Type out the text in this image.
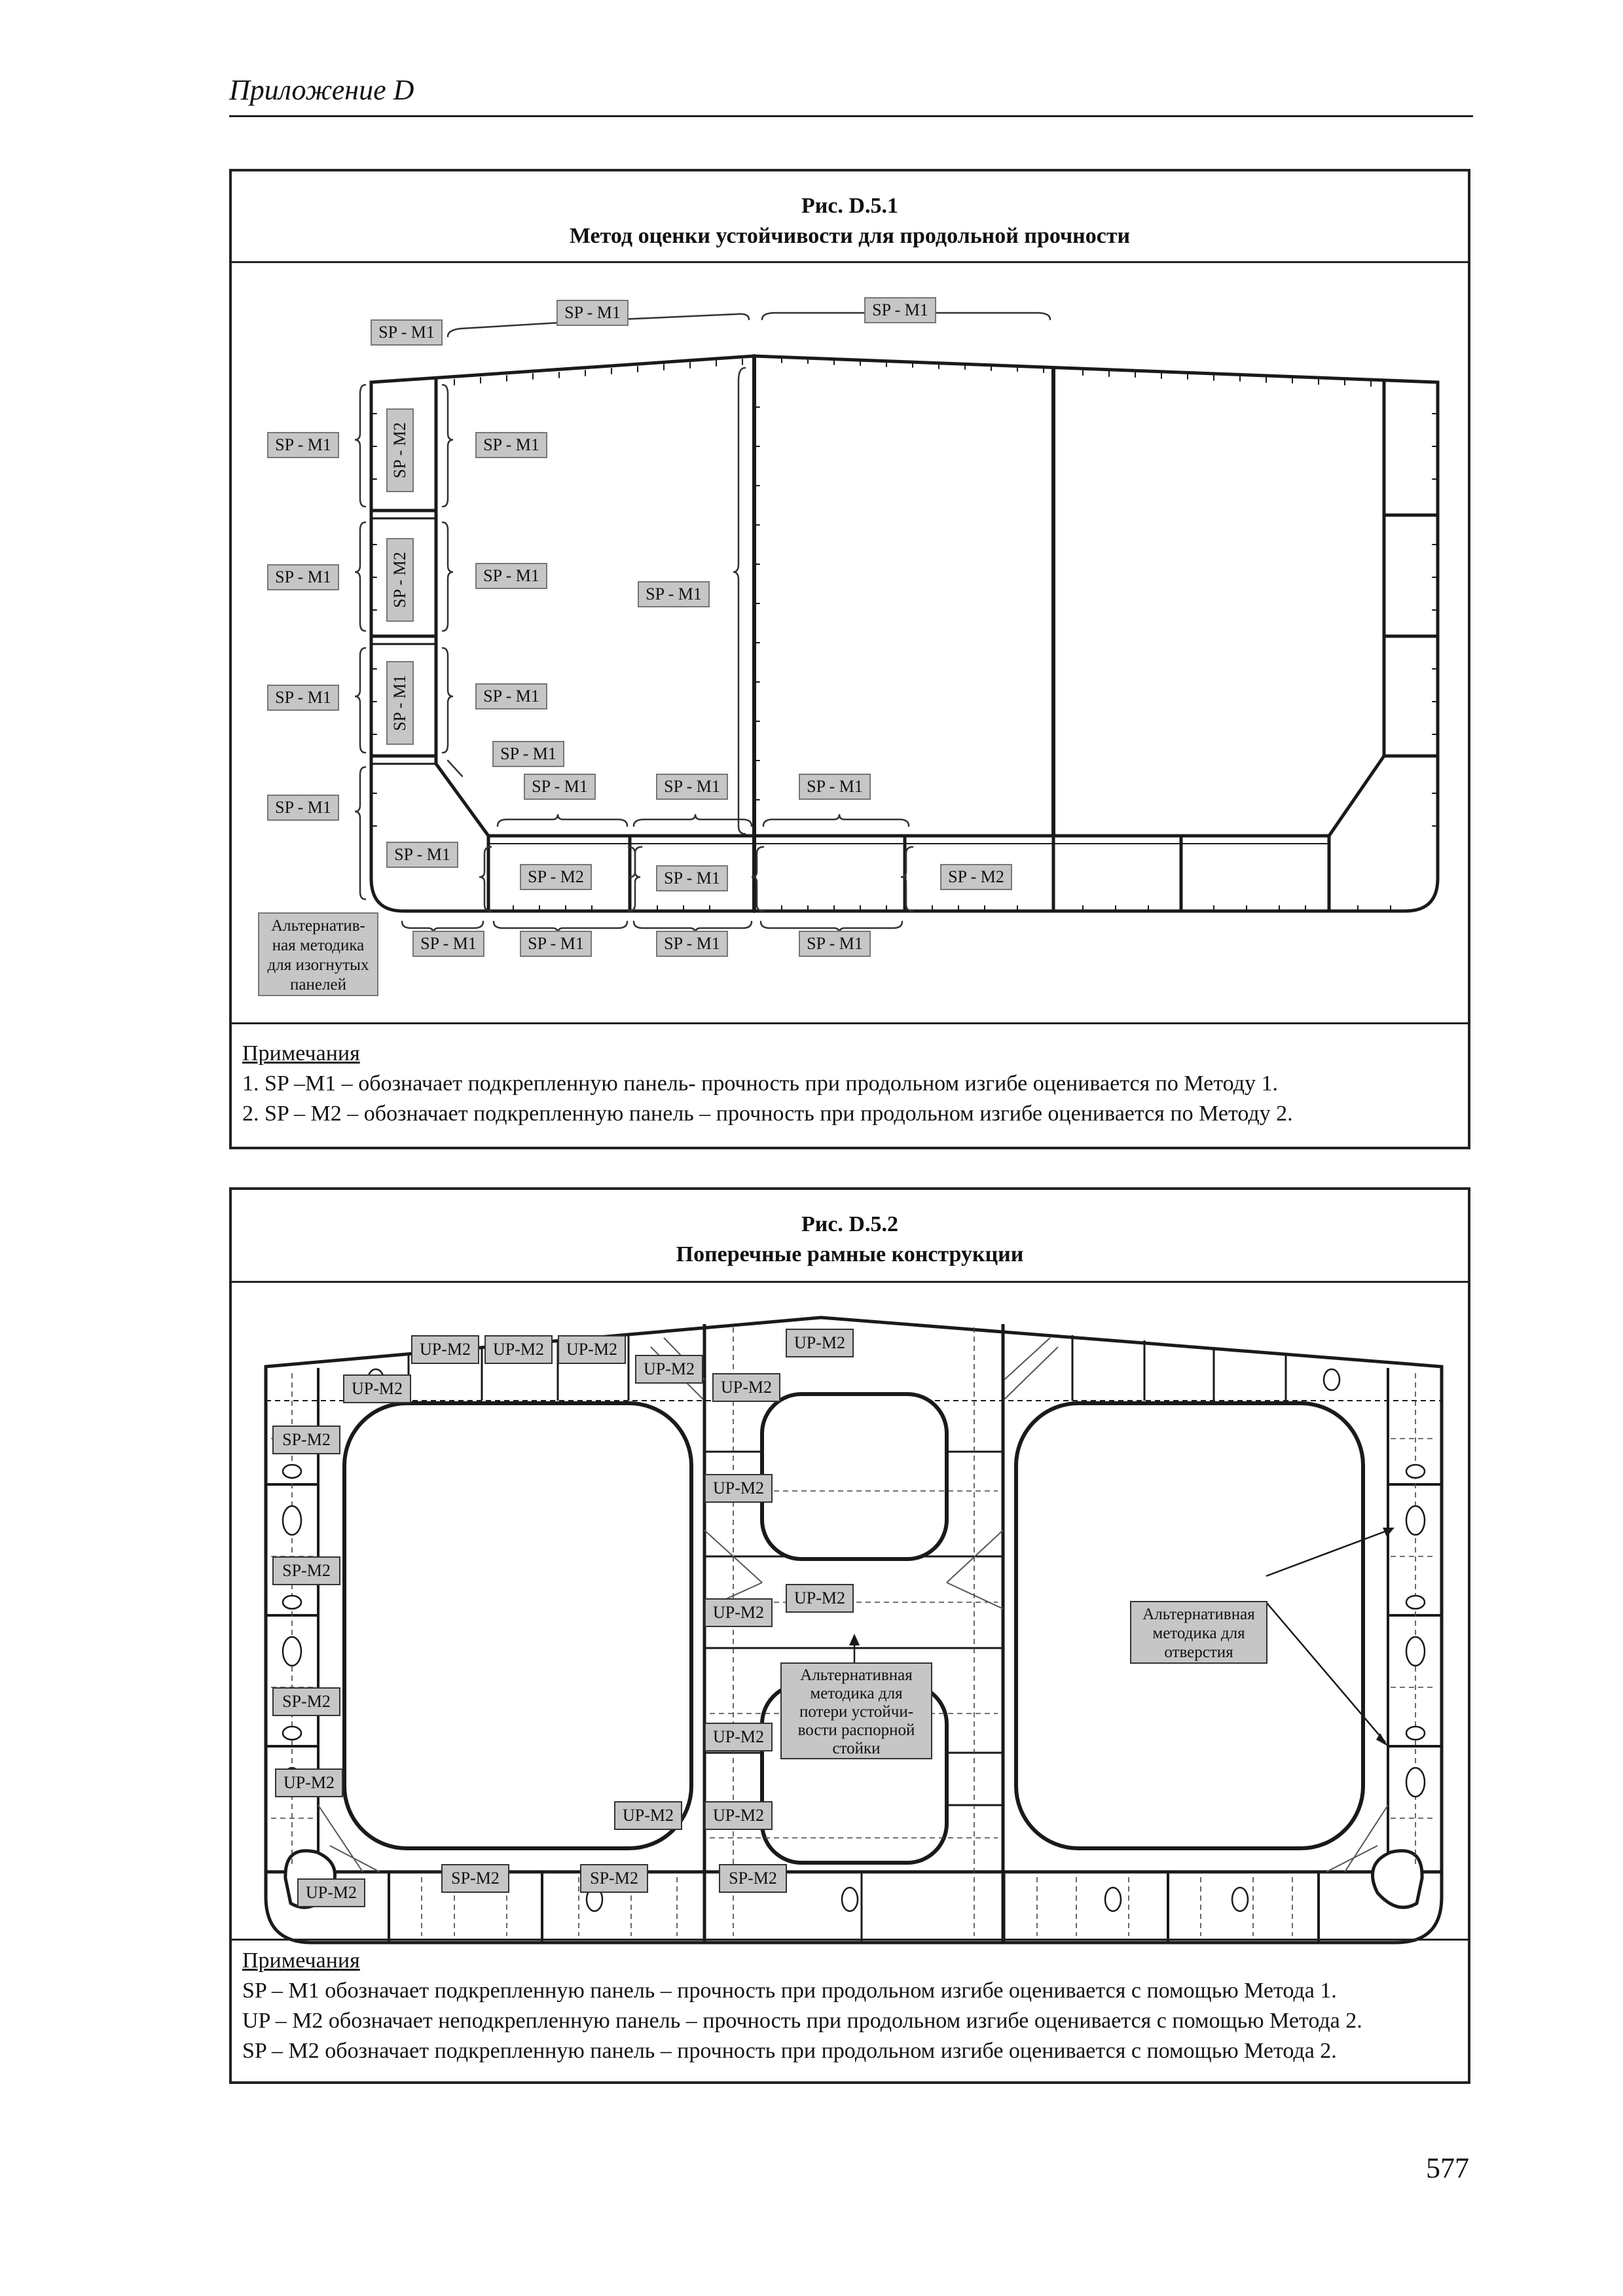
Приложение D
Рис. D.5.1
Метод оценки устойчивости для продольной прочности
SP - M1
SP - M1	SP - M1
SP - M1
SP - M1
SP - M1
SP - M1
SP - M1
SP - M1
SP - M1
SP - M1
SP - M1
SP - M1	SP - M1	SP - M1
SP - M1
SP - M1
SP - M1	SP - M1	SP - M1	SP - M1
SP - M2	SP - M2
SP - M2
SP - M2
SP - M1
Альтернатив-
ная методика
для изогнутых
панелей
Примечания

1. SP –M1 – обозначает подкрепленную панель- прочность при продольном изгибе оценивается по Методу 1.

2. SP – M2 – обозначает подкрепленную панель – прочность при продольном изгибе оценивается по Методу 2.

Рис. D.5.2
Поперечные рамные конструкции
UP-M2	UP-M2	UP-M2
UP-M2
UP-M2	UP-M2
UP-M2
UP-M2
UP-M2
UP-M2
UP-M2
UP-M2	UP-M2
UP-M2
UP-M2
SP-M2
SP-M2
SP-M2
SP-M2	SP-M2	SP-M2
Альтернативная
методика для
потери устойчи-
вости распорной
стойки
Альтернативная
методика для
отверстия
Примечания

SP – M1 обозначает подкрепленную панель – прочность при продольном изгибе оценивается с помощью Метода 1.

UP – M2 обозначает неподкрепленную панель – прочность при продольном изгибе оценивается с помощью Метода 2.

SP – M2 обозначает подкрепленную панель – прочность при продольном изгибе оценивается с помощью Метода 2.

577
